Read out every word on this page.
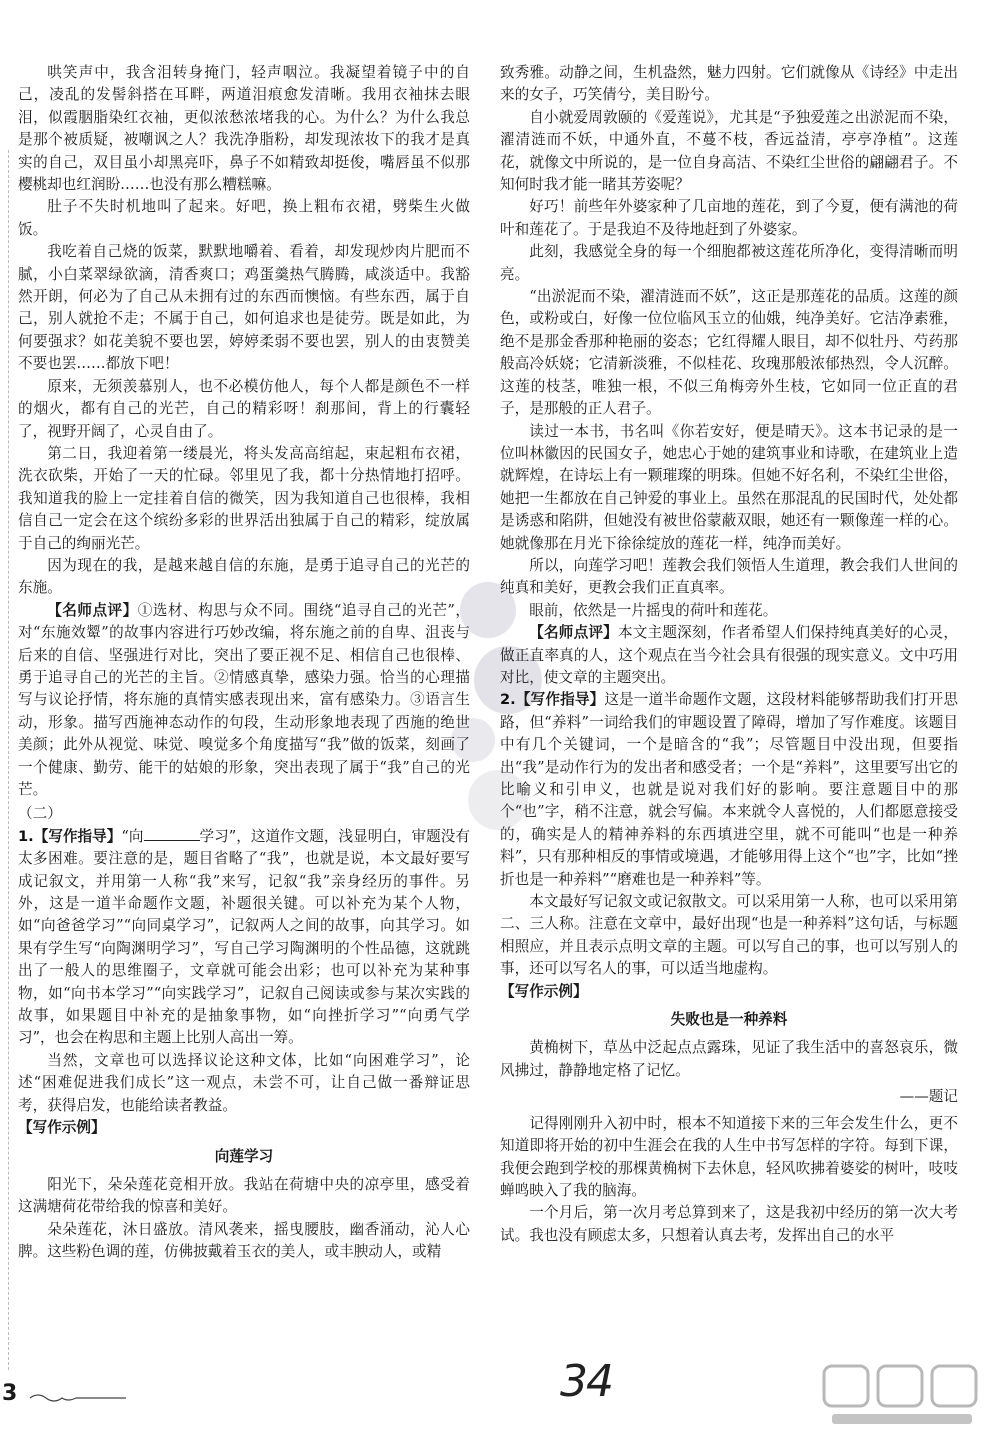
哄笑声中，我含泪转身掩门，轻声咽泣。我凝望着镜子中的自己，凌乱的发髻斜搭在耳畔，两道泪痕愈发清晰。我用衣袖抹去眼泪，似霞胭脂染红衣袖，更似浓愁浓堵我的心。为什么？为什么我总是那个被质疑，被嘲讽之人？我洗净脂粉，却发现浓妆下的我才是真实的自己，双目虽小却黑亮吓，鼻子不如精致却挺俊，嘴唇虽不似那樱桃却也红润盼……也没有那么糟糕嘛。

肚子不失时机地叫了起来。好吧，换上粗布衣裙，劈柴生火做饭。

我吃着自己烧的饭菜，默默地嚼着、看着，却发现炒肉片肥而不腻，小白菜翠绿欲滴，清香爽口；鸡蛋羹热气腾腾，咸淡适中。我豁然开朗，何必为了自己从未拥有过的东西而懊恼。有些东西，属于自己，别人就抢不走；不属于自己，如何追求也是徒劳。既是如此，为何要强求？如花美貌不要也罢，婷婷柔弱不要也罢，别人的由衷赞美不要也罢……都放下吧！

原来，无须羡慕别人，也不必模仿他人，每个人都是颜色不一样的烟火，都有自己的光芒，自己的精彩呀！刹那间，背上的行囊轻了，视野开阔了，心灵自由了。

第二日，我迎着第一缕晨光，将头发高高绾起，束起粗布衣裙，洗衣砍柴，开始了一天的忙碌。邻里见了我，都十分热情地打招呼。我知道我的脸上一定挂着自信的微笑，因为我知道自己也很棒，我相信自己一定会在这个缤纷多彩的世界活出独属于自己的精彩，绽放属于自己的绚丽光芒。

因为现在的我，是越来越自信的东施，是勇于追寻自己的光芒的东施。

【名师点评】①选材、构思与众不同。围绕“追寻自己的光芒”，对“东施效颦”的故事内容进行巧妙改编，将东施之前的自卑、沮丧与后来的自信、坚强进行对比，突出了要正视不足、相信自己也很棒、勇于追寻自己的光芒的主旨。②情感真挚，感染力强。恰当的心理描写与议论抒情，将东施的真情实感表现出来，富有感染力。③语言生动，形象。描写西施神态动作的句段，生动形象地表现了西施的绝世美颜；此外从视觉、味觉、嗅觉多个角度描写“我”做的饭菜，刻画了一个健康、勤劳、能干的姑娘的形象，突出表现了属于“我”自己的光芒。

（二）

1.【写作指导】“向	学习”，这道作文题，浅显明白，审题没有太多困难。要注意的是，题目省略了“我”，也就是说，本文最好要写成记叙文，并用第一人称“我”来写，记叙“我”亲身经历的事件。另外，这是一道半命题作文题，补题很关键。可以补充为某个人物，如“向爸爸学习”“向同桌学习”，记叙两人之间的故事，向其学习。如果有学生写“向陶渊明学习”，写自己学习陶渊明的个性品德，这就跳出了一般人的思维圈子，文章就可能会出彩；也可以补充为某种事物，如“向书本学习”“向实践学习”，记叙自己阅读或参与某次实践的故事，如果题目中补充的是抽象事物，如“向挫折学习”“向勇气学习”，也会在构思和主题上比别人高出一筹。

当然，文章也可以选择议论这种文体，比如“向困难学习”，论述“困难促进我们成长”这一观点，未尝不可，让自己做一番辩证思考，获得启发，也能给读者教益。

【写作示例】

向莲学习

阳光下，朵朵莲花竞相开放。我站在荷塘中央的凉亭里，感受着这满塘荷花带给我的惊喜和美好。

朵朵莲花，沐日盛放。清风袭来，摇曳腰肢，幽香涌动，沁人心脾。这些粉色调的莲，仿佛披戴着玉衣的美人，或丰腴动人，或精

致秀雅。动静之间，生机盎然，魅力四射。它们就像从《诗经》中走出来的女子，巧笑倩兮，美目盼兮。

自小就爱周敦颐的《爱莲说》，尤其是“予独爱莲之出淤泥而不染，濯清涟而不妖，中通外直，不蔓不枝，香远益清，亭亭净植”。这莲花，就像文中所说的，是一位自身高洁、不染红尘世俗的翩翩君子。不知何时我才能一睹其芳姿呢？

好巧！前些年外婆家种了几亩地的莲花，到了今夏，便有满池的荷叶和莲花了。于是我迫不及待地赶到了外婆家。

此刻，我感觉全身的每一个细胞都被这莲花所净化，变得清晰而明亮。

“出淤泥而不染，濯清涟而不妖”，这正是那莲花的品质。这莲的颜色，或粉或白，好像一位位临风玉立的仙娥，纯净美好。它洁净素雅，绝不是那金香那种艳丽的姿态；它红得耀人眼目，却不似牡丹、芍药那般高冷妖娆；它清新淡雅，不似桂花、玫瑰那般浓郁热烈，令人沉醉。这莲的枝茎，唯独一根，不似三角梅旁外生枝，它如同一位正直的君子，是那般的正人君子。

读过一本书，书名叫《你若安好，便是晴天》。这本书记录的是一位叫林徽因的民国女子，她忠心于她的建筑事业和诗歌，在建筑业上造就辉煌，在诗坛上有一颗璀璨的明珠。但她不好名利，不染红尘世俗，她把一生都放在自己钟爱的事业上。虽然在那混乱的民国时代，处处都是诱惑和陷阱，但她没有被世俗蒙蔽双眼，她还有一颗像莲一样的心。她就像那在月光下徐徐绽放的莲花一样，纯净而美好。

所以，向莲学习吧！莲教会我们领悟人生道理，教会我们人世间的纯真和美好，更教会我们正直真率。

眼前，依然是一片摇曳的荷叶和莲花。

【名师点评】本文主题深刻，作者希望人们保持纯真美好的心灵，做正直率真的人，这个观点在当今社会具有很强的现实意义。文中巧用对比，使文章的主题突出。

2.【写作指导】这是一道半命题作文题，这段材料能够帮助我们打开思路，但“养料”一词给我们的审题设置了障碍，增加了写作难度。该题目中有几个关键词，一个是暗含的“我”；尽管题目中没出现，但要指出“我”是动作行为的发出者和感受者；一个是“养料”，这里要写出它的比喻义和引申义，也就是说对我们好的影响。要注意题目中的那个“也”字，稍不注意，就会写偏。本来就令人喜悦的，人们都愿意接受的，确实是人的精神养料的东西填进空里，就不可能叫“也是一种养料”，只有那种相反的事情或境遇，才能够用得上这个“也”字，比如“挫折也是一种养料”“磨难也是一种养料”等。

本文最好写记叙文或记叙散文。可以采用第一人称，也可以采用第二、三人称。注意在文章中，最好出现“也是一种养料”这句话，与标题相照应，并且表示点明文章的主题。可以写自己的事，也可以写别人的事，还可以写名人的事，可以适当地虚构。

【写作示例】

失败也是一种养料

黄桷树下，草丛中泛起点点露珠，见证了我生活中的喜怒哀乐，微风拂过，静静地定格了记忆。

——题记

记得刚刚升入初中时，根本不知道接下来的三年会发生什么，更不知道即将开始的初中生涯会在我的人生中书写怎样的字符。每到下课，我便会跑到学校的那棵黄桷树下去休息，轻风吹拂着婆娑的树叶，吱吱蝉鸣映入了我的脑海。

一个月后，第一次月考总算到来了，这是我初中经历的第一次大考试。我也没有顾虑太多，只想着认真去考，发挥出自己的水平

3	34
